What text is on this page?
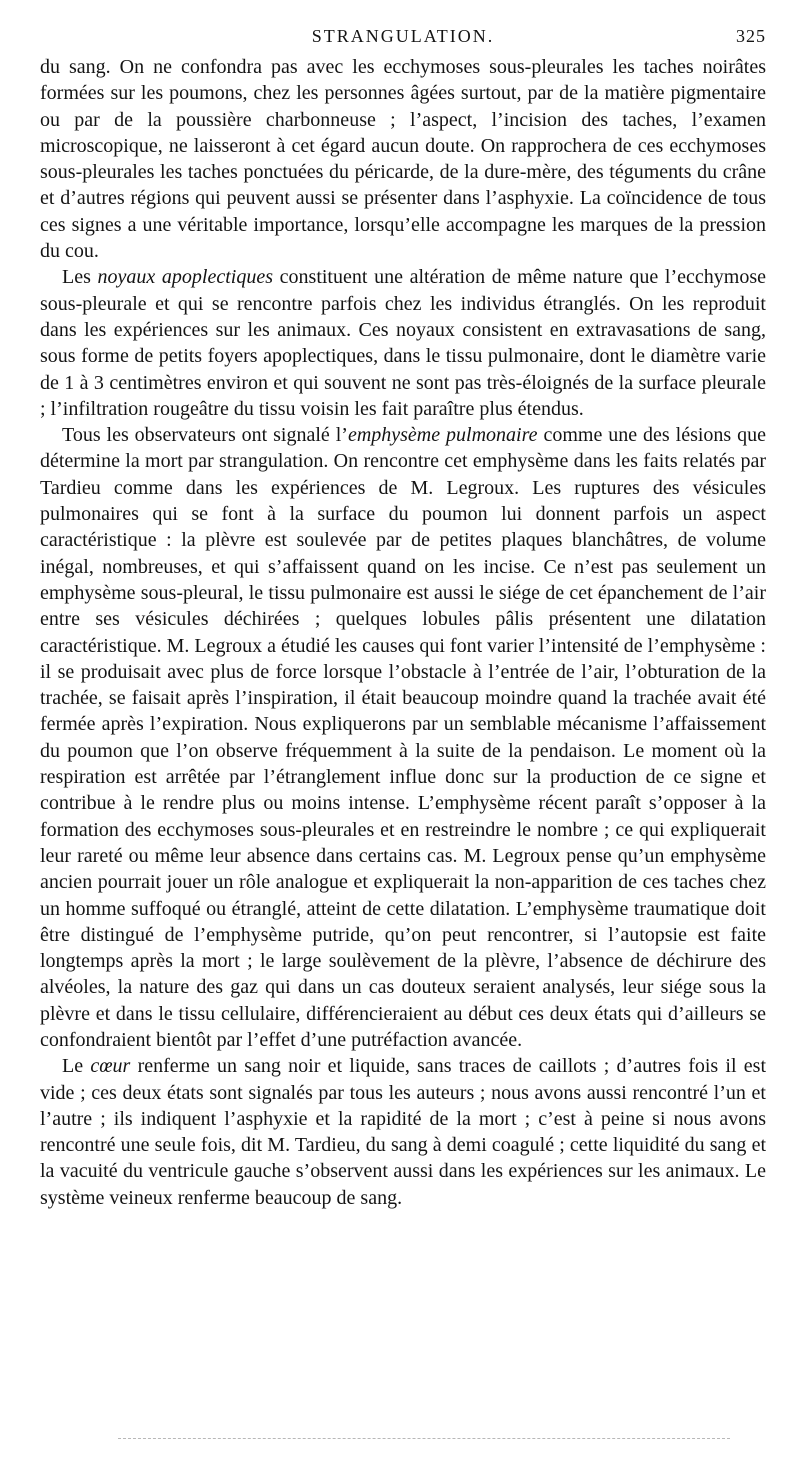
STRANGULATION.	325

du sang. On ne confondra pas avec les ecchymoses sous-pleurales les taches noirâtes formées sur les poumons, chez les personnes âgées surtout, par de la matière pigmentaire ou par de la poussière charbonneuse ; l’aspect, l’incision des taches, l’examen microscopique, ne laisseront à cet égard aucun doute. On rapprochera de ces ecchymoses sous-pleurales les taches ponctuées du péricarde, de la dure-mère, des téguments du crâne et d’autres régions qui peuvent aussi se présenter dans l’asphyxie. La coïncidence de tous ces signes a une véritable importance, lorsqu’elle accompagne les marques de la pression du cou.

Les noyaux apoplectiques constituent une altération de même nature que l’ecchymose sous-pleurale et qui se rencontre parfois chez les individus étranglés. On les reproduit dans les expériences sur les animaux. Ces noyaux consistent en extravasations de sang, sous forme de petits foyers apoplectiques, dans le tissu pulmonaire, dont le diamètre varie de 1 à 3 centimètres environ et qui souvent ne sont pas très-éloignés de la surface pleurale ; l’infiltration rougeâtre du tissu voisin les fait paraître plus étendus.

Tous les observateurs ont signalé l’emphysème pulmonaire comme une des lésions que détermine la mort par strangulation. On rencontre cet emphysème dans les faits relatés par Tardieu comme dans les expériences de M. Legroux. Les ruptures des vésicules pulmonaires qui se font à la surface du poumon lui donnent parfois un aspect caractéristique : la plèvre est soulevée par de petites plaques blanchâtres, de volume inégal, nombreuses, et qui s’affaissent quand on les incise. Ce n’est pas seulement un emphysème sous-pleural, le tissu pulmonaire est aussi le siége de cet épanchement de l’air entre ses vésicules déchirées ; quelques lobules pâlis présentent une dilatation caractéristique. M. Legroux a étudié les causes qui font varier l’intensité de l’emphysème : il se produisait avec plus de force lorsque l’obstacle à l’entrée de l’air, l’obturation de la trachée, se faisait après l’inspiration, il était beaucoup moindre quand la trachée avait été fermée après l’expiration. Nous expliquerons par un semblable mécanisme l’affaissement du poumon que l’on observe fréquemment à la suite de la pendaison. Le moment où la respiration est arrêtée par l’étranglement influe donc sur la production de ce signe et contribue à le rendre plus ou moins intense. L’emphysème récent paraît s’opposer à la formation des ecchymoses sous-pleurales et en restreindre le nombre ; ce qui expliquerait leur rareté ou même leur absence dans certains cas. M. Legroux pense qu’un emphysème ancien pourrait jouer un rôle analogue et expliquerait la non-apparition de ces taches chez un homme suffoqué ou étranglé, atteint de cette dilatation. L’emphysème traumatique doit être distingué de l’emphysème putride, qu’on peut rencontrer, si l’autopsie est faite longtemps après la mort ; le large soulèvement de la plèvre, l’absence de déchirure des alvéoles, la nature des gaz qui dans un cas douteux seraient analysés, leur siége sous la plèvre et dans le tissu cellulaire, différencieraient au début ces deux états qui d’ailleurs se confondraient bientôt par l’effet d’une putréfaction avancée.

Le cœur renferme un sang noir et liquide, sans traces de caillots ; d’autres fois il est vide ; ces deux états sont signalés par tous les auteurs ; nous avons aussi rencontré l’un et l’autre ; ils indiquent l’asphyxie et la rapidité de la mort ; c’est à peine si nous avons rencontré une seule fois, dit M. Tardieu, du sang à demi coagulé ; cette liquidité du sang et la vacuité du ventricule gauche s’observent aussi dans les expériences sur les animaux. Le système veineux renferme beaucoup de sang.
